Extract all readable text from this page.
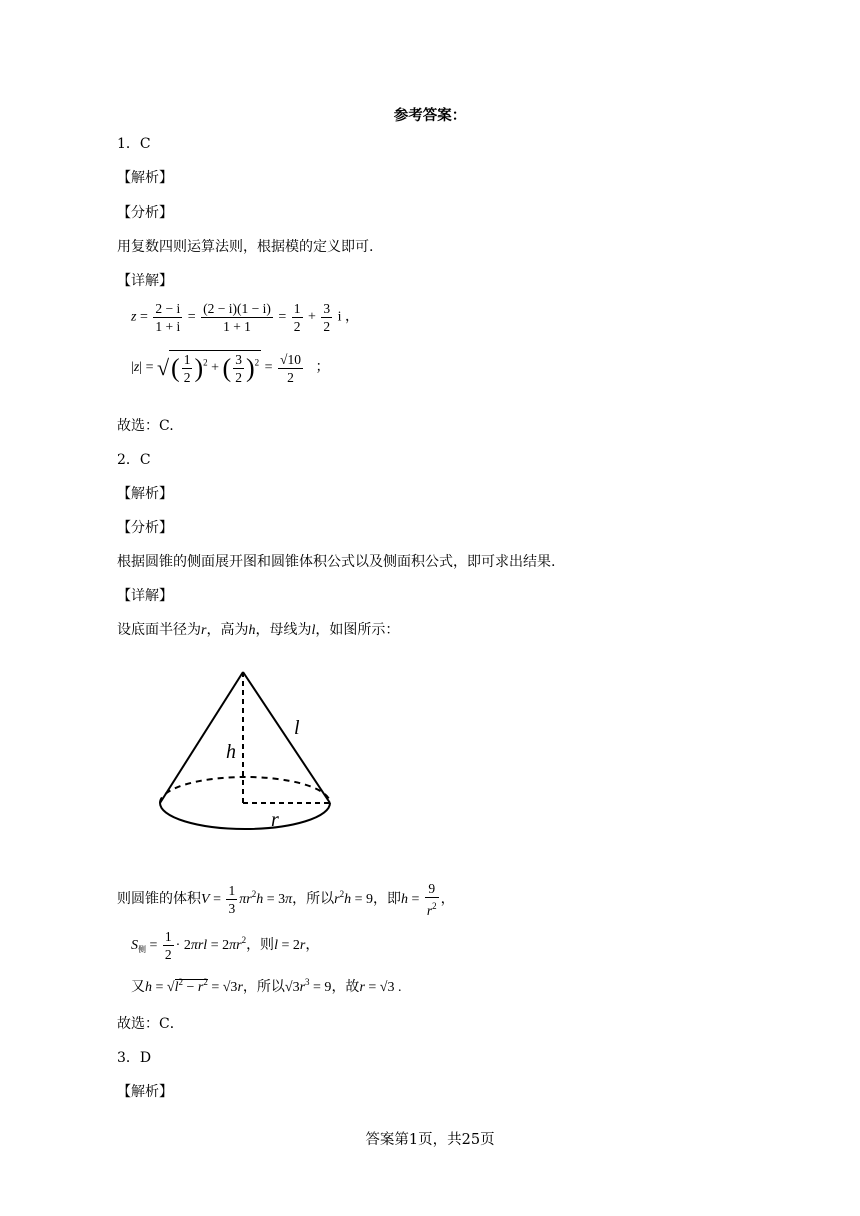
参考答案：
1．C
【解析】
【分析】
用复数四则运算法则，根据模的定义即可.
【详解】
$z = \frac{2 - i}{1 + i} = \frac{(2 - i)(1 - i)}{1 + 1} = \frac{1}{2} + \frac{3}{2}$ i ，
|z| = √( $\frac{1}{2} )^2$ + ( $\frac{3}{2} )^2 = \frac{√10}{2}$ ；
故选：C.
2．C
【解析】
【分析】
根据圆锥的侧面展开图和圆锥体积公式以及侧面积公式，即可求出结果.
【详解】
设底面半径为r，高为h，母线为l，如图所示：
l
h
r
则圆锥的体积$V = \frac{1}{3} \pi r^2h = 3\pi$，所以$r^2h = 9$，即$h = \frac{9}{r^2}$ ，
$S_侧 = \frac{1}{2} \cdot 2\pi rl = 2\pi r^2$，则l = 2r，
又$h = √l^2 - r^2 = √3r$，所以$√3r^3 = 9$，故r = √3 .
故选：C．
3．D
【解析】
答案第1页，共25页
